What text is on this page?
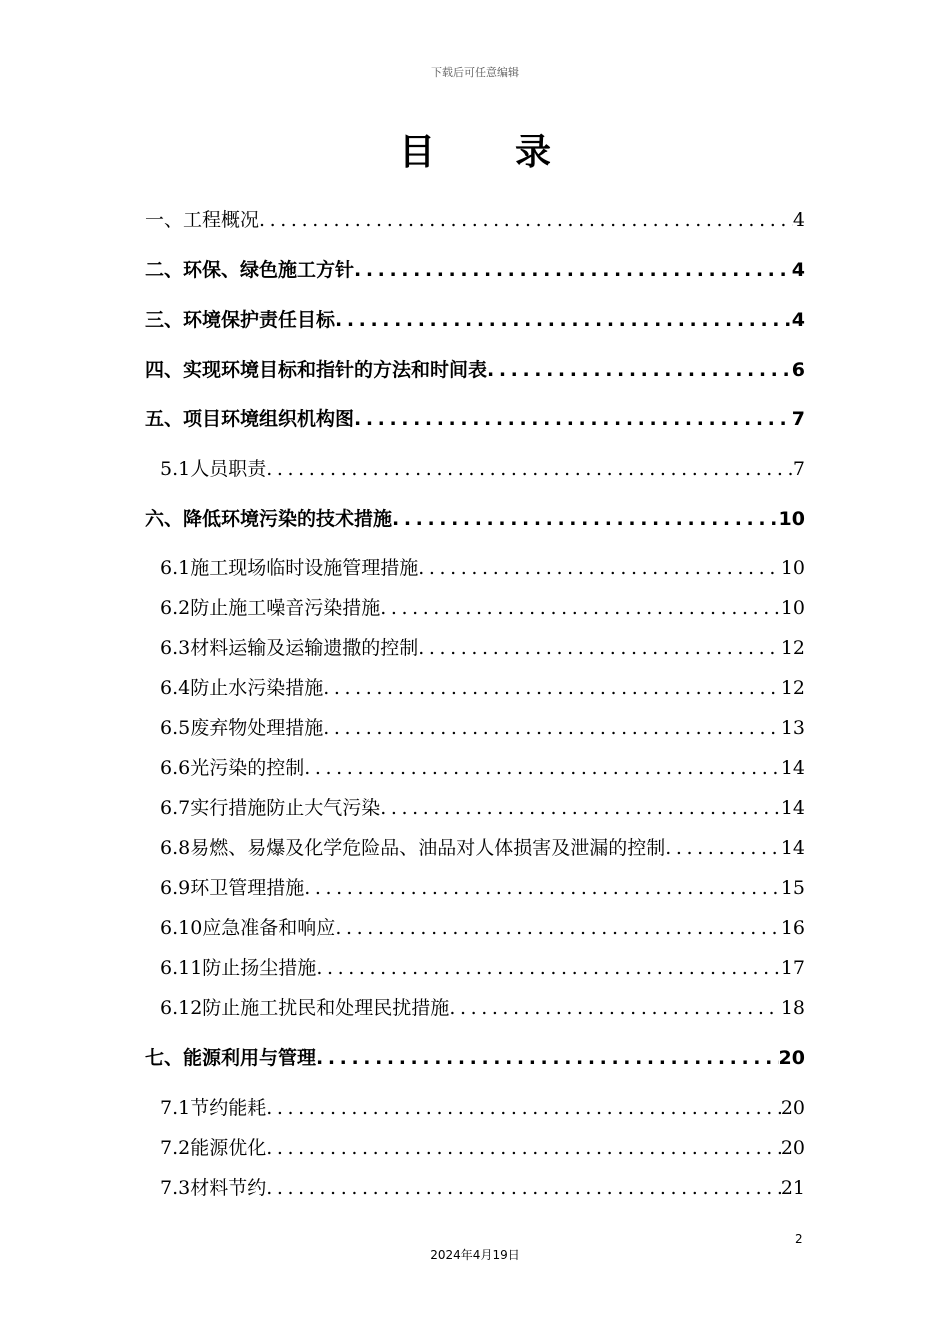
下载后可任意编辑
目录
一、工程概况 .....	4
二、环保、绿色施工方针 .....	4
三、环境保护责任目标 .....	4
四、实现环境目标和指针的方法和时间表 .....	6
五、项目环境组织机构图 .....	7
5.1人员职责 .....	7
六、降低环境污染的技术措施 .....	10
6.1施工现场临时设施管理措施 .....	10
6.2防止施工噪音污染措施 .....	10
6.3材料运输及运输遗撒的控制 .....	12
6.4防止水污染措施 .....	12
6.5废弃物处理措施 .....	13
6.6光污染的控制 .....	14
6.7实行措施防止大气污染 .....	14
6.8易燃、易爆及化学危险品、油品对人体损害及泄漏的控制 .....	14
6.9环卫管理措施 .....	15
6.10应急准备和响应 .....	16
6.11防止扬尘措施 .....	17
6.12防止施工扰民和处理民扰措施 .....	18
七、能源利用与管理 .....	20
7.1节约能耗 .....	20
7.2能源优化 .....	20
7.3材料节约 .....	21
2
2024年4月19日
